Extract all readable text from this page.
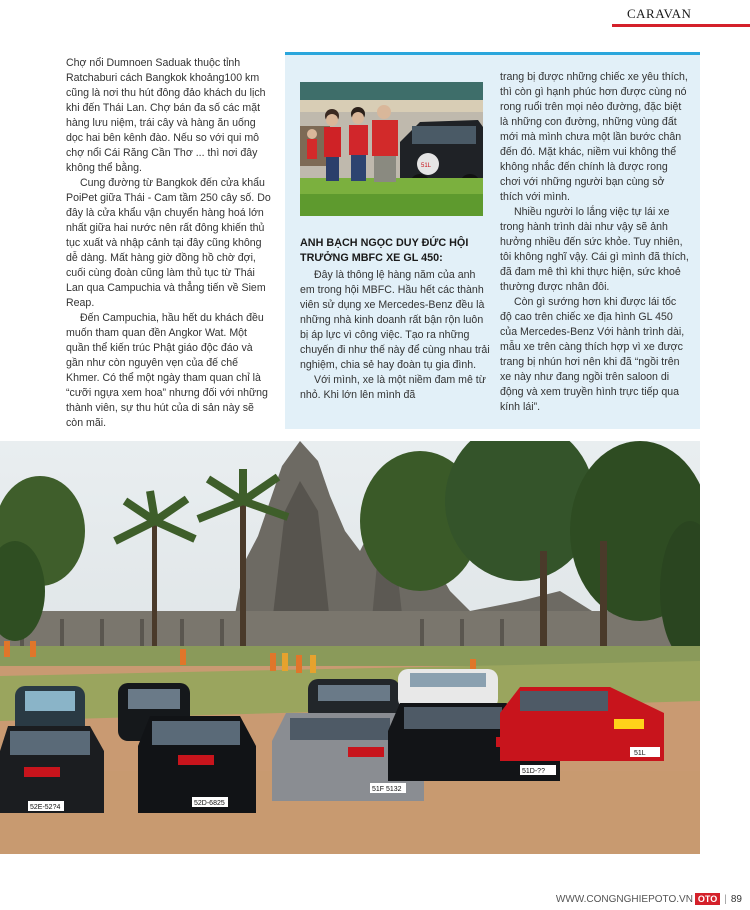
CARAVAN

Chợ nổi Dumnoen Saduak thuộc tỉnh Ratchaburi cách Bangkok khoảng100 km cũng là nơi thu hút đông đảo khách du lịch khi đến Thái Lan. Chợ bán đa số các mặt hàng lưu niệm, trái cây và hàng ăn uống dọc hai bên kênh đào. Nếu so với qui mô chợ nổi Cái Răng Cần Thơ ... thì nơi đây không thể bằng.

Cung đường từ Bangkok đến cửa khẩu PoiPet giữa Thái - Cam tầm 250 cây số. Do đây là cửa khẩu vận chuyển hàng hoá lớn nhất giữa hai nước nên rất đông khiến thủ tục xuất và nhập cảnh tại đây cũng không dễ dàng. Mất hàng giờ đồng hồ chờ đợi, cuối cùng đoàn cũng làm thủ tục từ Thái Lan qua Campuchia và thẳng tiến về Siem Reap.

Đến Campuchia, hầu hết du khách đều muốn tham quan đền Angkor Wat. Một quần thể kiến trúc Phật giáo độc đáo và gần như còn nguyên vẹn của đế chế Khmer. Có thể một ngày tham quan chỉ là “cưỡi ngựa xem hoa” nhưng đối với những thành viên, sự thu hút của di sản này sẽ còn mãi.

51L
ANH BẠCH NGỌC DUY ĐỨC HỘI TRƯỞNG MBFC XE GL 450:

Đây là thông lệ hàng năm của anh em trong hội MBFC. Hầu hết các thành viên sử dụng xe Mercedes-Benz đều là những nhà kinh doanh rất bận rộn luôn bị áp lực vì công việc. Tạo ra những chuyến đi như thế này để cùng nhau trải nghiệm, chia sẻ hay đoàn tụ gia đình.

Với mình, xe là một niềm đam mê từ nhỏ. Khi lớn lên mình đã

trang bị được những chiếc xe yêu thích, thì còn gì hạnh phúc hơn được cùng nó rong ruổi trên mọi nẻo đường, đặc biệt là những con đường, những vùng đất mới mà mình chưa một lần bước chân đến đó. Mặt khác, niềm vui không thể không nhắc đến chính là được rong chơi với những người bạn cùng sở thích với mình.

Nhiều người lo lắng việc tự lái xe trong hành trình dài như vậy sẽ ảnh hưởng nhiều đến sức khỏe. Tuy nhiên, tôi không nghĩ vậy. Cái gì mình đã thích, đã đam mê thì khi thực hiện, sức khoẻ thường được nhân đôi.

Còn gì sướng hơn khi được lái tốc độ cao trên chiếc xe địa hình GL 450 của Mercedes-Benz Với hành trình dài, mẫu xe trên càng thích hợp vì xe được trang bị nhún hơi nên khi đã “ngồi trên xe này như đang ngồi trên saloon di động và xem truyền hình trực tiếp qua kính lái”.

52E-52?4
52D-6825
51F 5132
51D-??
51L
WWW.CONGNGHIEPOTO.VN OTO | 89
